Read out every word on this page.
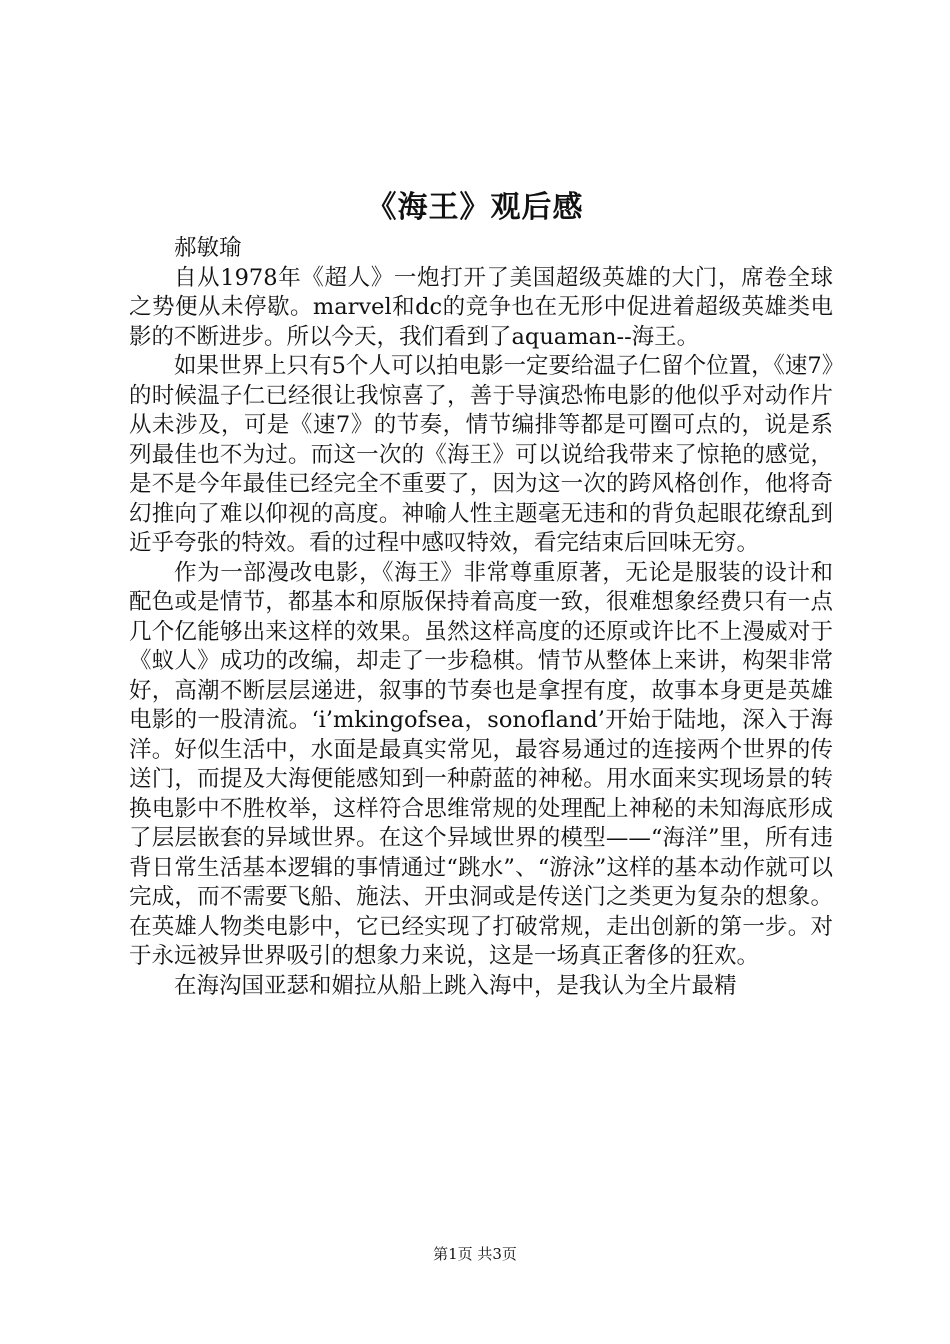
《海王》观后感

郝敏瑜

自从1978年《超人》一炮打开了美国超级英雄的大门，席卷全球之势便从未停歇。marvel和dc的竞争也在无形中促进着超级英雄类电影的不断进步。所以今天，我们看到了aquaman--海王。

如果世界上只有5个人可以拍电影一定要给温子仁留个位置，《速7》的时候温子仁已经很让我惊喜了，善于导演恐怖电影的他似乎对动作片从未涉及，可是《速7》的节奏，情节编排等都是可圈可点的，说是系列最佳也不为过。而这一次的《海王》可以说给我带来了惊艳的感觉，是不是今年最佳已经完全不重要了，因为这一次的跨风格创作，他将奇幻推向了难以仰视的高度。神喻人性主题毫无违和的背负起眼花缭乱到近乎夸张的特效。看的过程中感叹特效，看完结束后回味无穷。

作为一部漫改电影，《海王》非常尊重原著，无论是服装的设计和配色或是情节，都基本和原版保持着高度一致，很难想象经费只有一点几个亿能够出来这样的效果。虽然这样高度的还原或许比不上漫威对于《蚁人》成功的改编，却走了一步稳棋。情节从整体上来讲，构架非常好，高潮不断层层递进，叙事的节奏也是拿捏有度，故事本身更是英雄电影的一股清流。‘i’mkingofsea，sonofland’开始于陆地，深入于海洋。好似生活中，水面是最真实常见，最容易通过的连接两个世界的传送门，而提及大海便能感知到一种蔚蓝的神秘。用水面来实现场景的转换电影中不胜枚举，这样符合思维常规的处理配上神秘的未知海底形成了层层嵌套的异域世界。在这个异域世界的模型——“海洋”里，所有违背日常生活基本逻辑的事情通过“跳水”、“游泳”这样的基本动作就可以完成，而不需要飞船、施法、开虫洞或是传送门之类更为复杂的想象。在英雄人物类电影中，它已经实现了打破常规，走出创新的第一步。对于永远被异世界吸引的想象力来说，这是一场真正奢侈的狂欢。

在海沟国亚瑟和媚拉从船上跳入海中，是我认为全片最精

第1页 共3页
